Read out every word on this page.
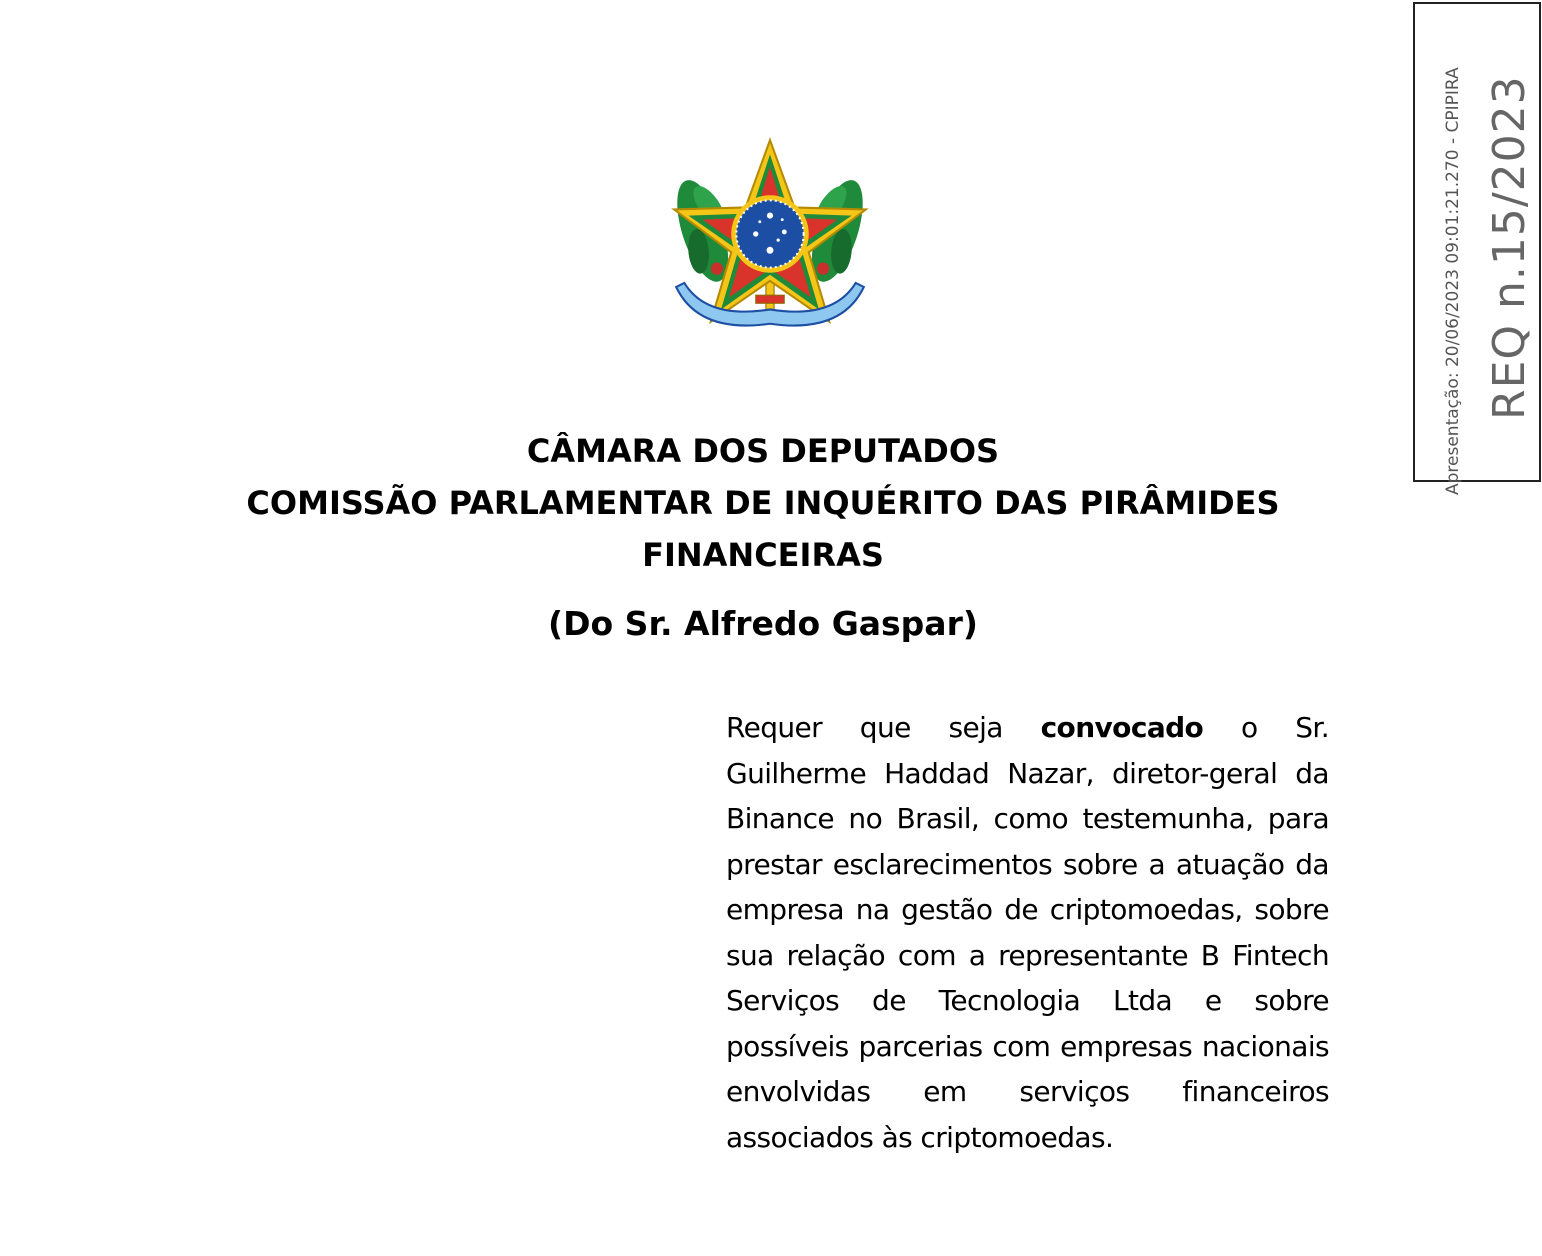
Apresentação: 20/06/2023 09:01:21.270 - CPIPIRA REQ n.15/2023
CÂMARA DOS DEPUTADOS
COMISSÃO PARLAMENTAR DE INQUÉRITO DAS PIRÂMIDES
FINANCEIRAS
(Do Sr. Alfredo Gaspar)

Requer que seja convocado o Sr. Guilherme Haddad Nazar, diretor-geral da Binance no Brasil, como testemunha, para prestar esclarecimentos sobre a atuação da empresa na gestão de criptomoedas, sobre sua relação com a representante B Fintech Serviços de Tecnologia Ltda e sobre possíveis parcerias com empresas nacionais envolvidas em serviços financeiros associados às criptomoedas.
